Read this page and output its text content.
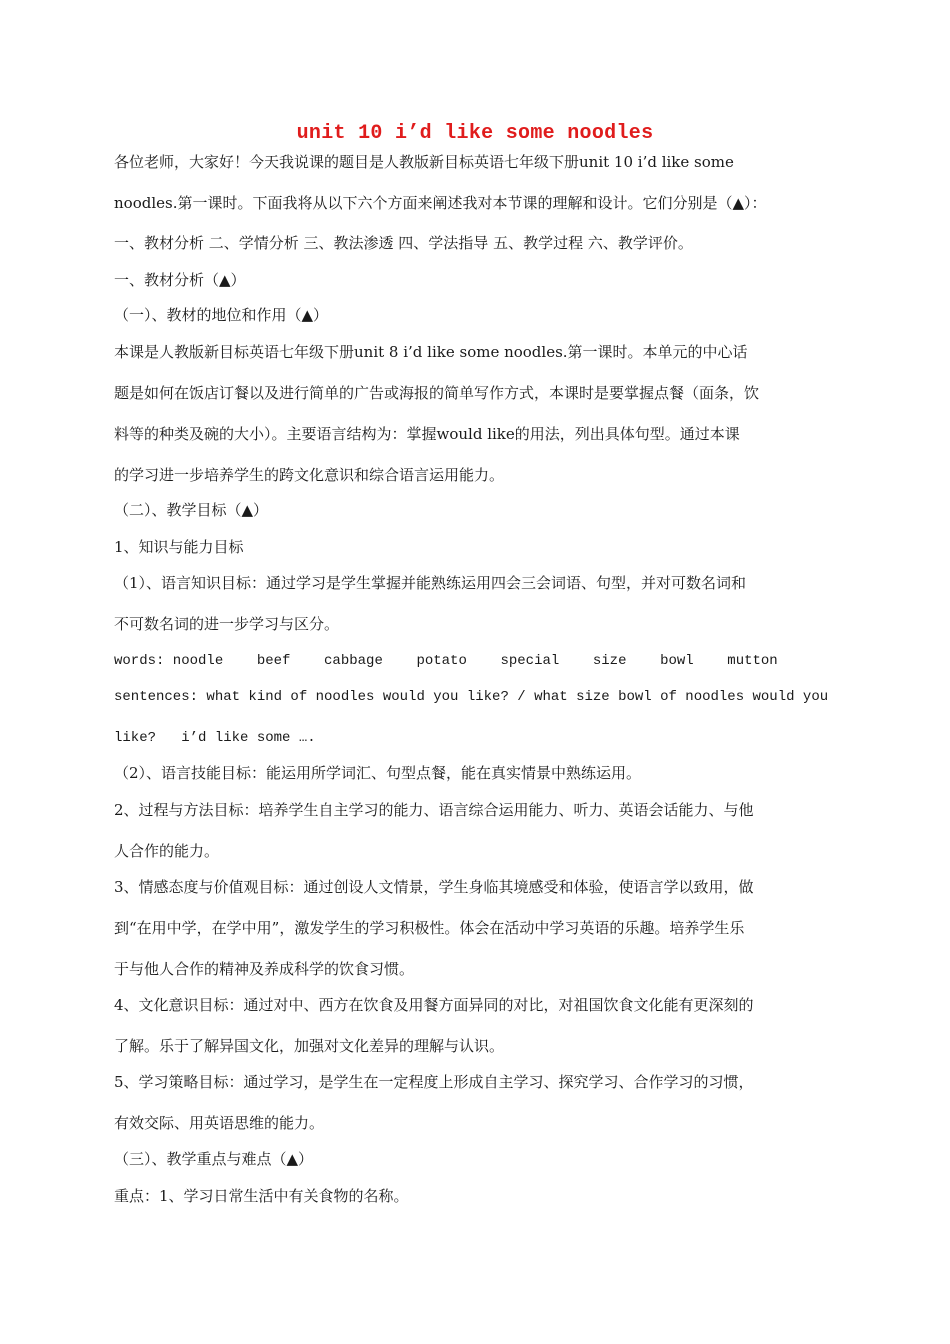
unit 10 i’d like some noodles
各位老师，大家好！今天我说课的题目是人教版新目标英语七年级下册unit 10 i’d like some
noodles.第一课时。下面我将从以下六个方面来阐述我对本节课的理解和设计。它们分别是（▲）：
一、教材分析 二、学情分析 三、教法渗透 四、学法指导 五、教学过程 六、教学评价。
一、教材分析（▲）
（一）、教材的地位和作用（▲）
本课是人教版新目标英语七年级下册unit 8 i’d like some noodles.第一课时。本单元的中心话
题是如何在饭店订餐以及进行简单的广告或海报的简单写作方式，本课时是要掌握点餐（面条，饮
料等的种类及碗的大小）。主要语言结构为：掌握would like的用法，列出具体句型。通过本课
的学习进一步培养学生的跨文化意识和综合语言运用能力。
（二）、教学目标（▲）
1、知识与能力目标
（1）、语言知识目标：通过学习是学生掌握并能熟练运用四会三会词语、句型，并对可数名词和
不可数名词的进一步学习与区分。
words: noodle    beef    cabbage    potato    special    size    bowl    mutton
sentences: what kind of noodles would you like? / what size bowl of noodles would you
like?   i’d like some ….
（2）、语言技能目标：能运用所学词汇、句型点餐，能在真实情景中熟练运用。
2、过程与方法目标：培养学生自主学习的能力、语言综合运用能力、听力、英语会话能力、与他
人合作的能力。
3、情感态度与价值观目标：通过创设人文情景，学生身临其境感受和体验，使语言学以致用，做
到“在用中学，在学中用”，激发学生的学习积极性。体会在活动中学习英语的乐趣。培养学生乐
于与他人合作的精神及养成科学的饮食习惯。
4、文化意识目标：通过对中、西方在饮食及用餐方面异同的对比，对祖国饮食文化能有更深刻的
了解。乐于了解异国文化，加强对文化差异的理解与认识。
5、学习策略目标：通过学习，是学生在一定程度上形成自主学习、探究学习、合作学习的习惯，
有效交际、用英语思维的能力。
（三）、教学重点与难点（▲）
重点：1、学习日常生活中有关食物的名称。
